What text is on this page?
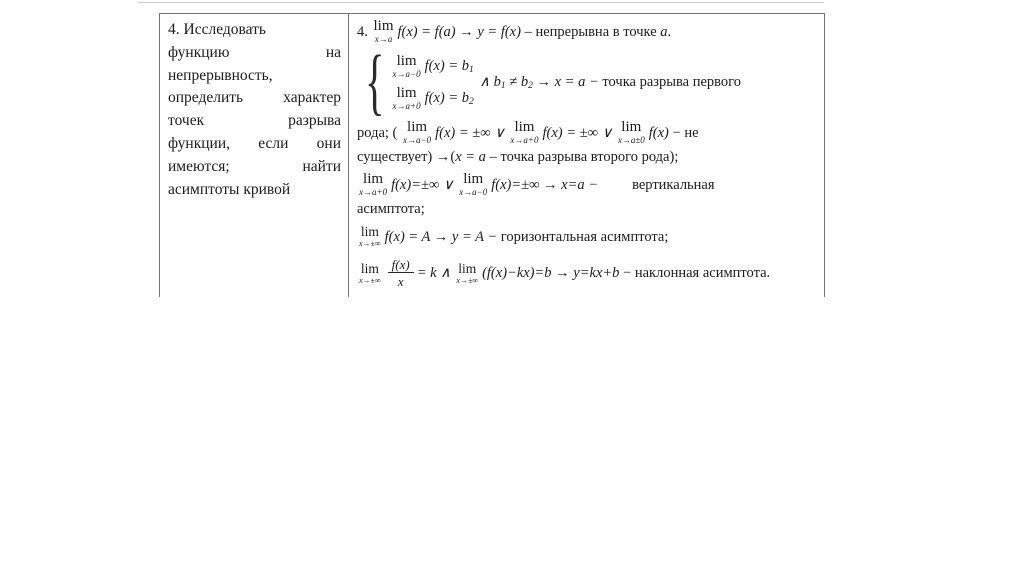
4. Исследовать
функцию на
непрерывность,
определить характер
точек разрыва
функции, если они
имеются; найти
асимптоты кривой
4. lim
x→a f(x) = f(a) → y = f(x) – непрерывна в точке a .
{ lim
x→a−0 $f(x) = b_1$
lim
x→a+0 $f(x) = b_2$
∧ $b_1 \ne b_2 \to x = a$ − точка разрыва первого
рода; ( lim
x→a−0 f(x) = ±∞ ∨ lim
x→a+0 f(x) = ±∞ ∨ lim
x→a±0 f(x) − не
существует) →( x = a – точка разрыва второго рода);
lim
x→a+0 f(x)=±∞ ∨ lim
x→a−0 f(x)=±∞ → x=a − вертикальная
асимптота;
lim
x→±∞ f(x) = A → y = A − горизонтальная асимптота;
lim
$x\to\pm\infty \frac{f(x)}{x} = k$ ∧ lim
x→±∞ (f(x)−kx)=b → y=kx+b − наклонная асимптота.
